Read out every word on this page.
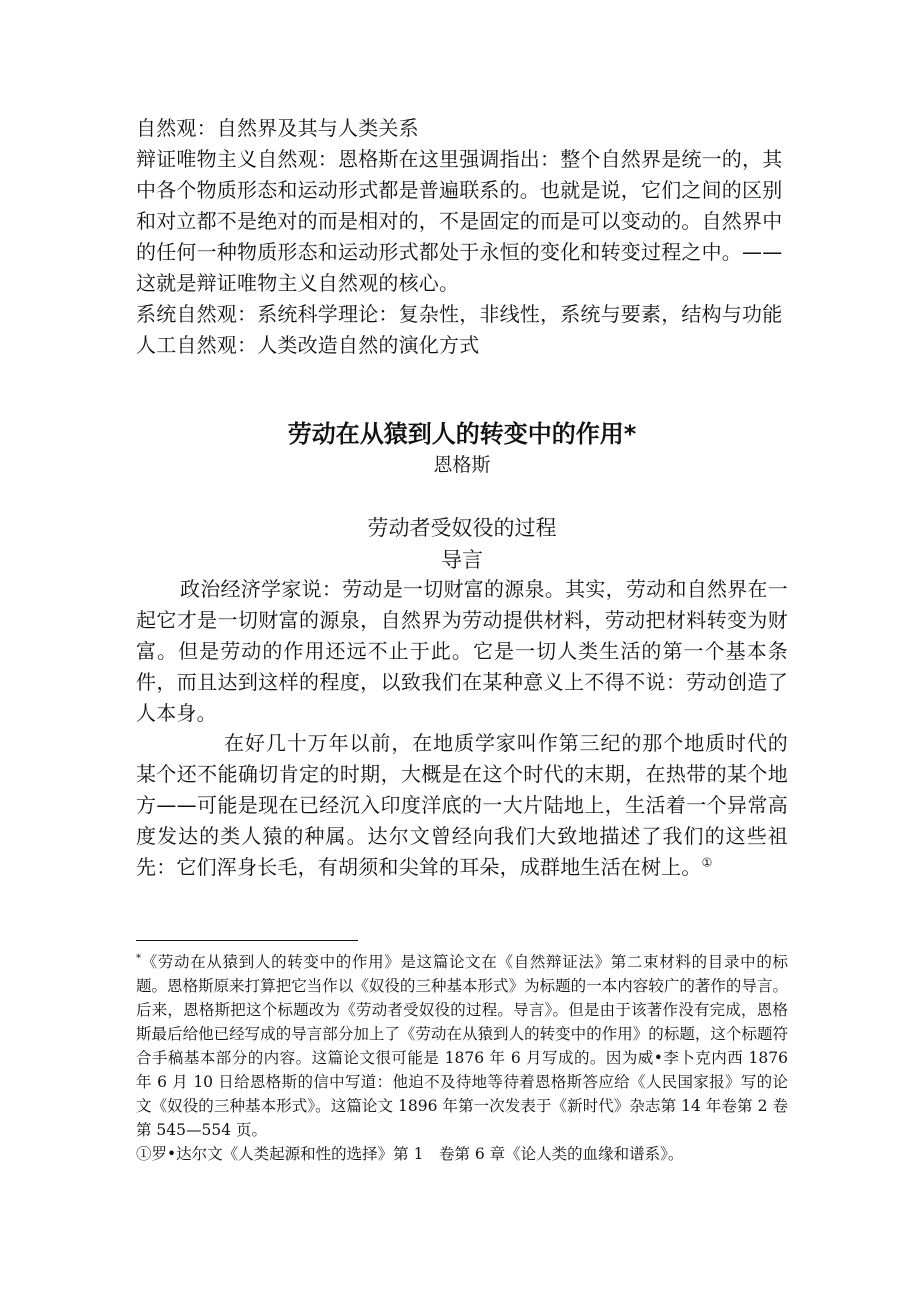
自然观：自然界及其与人类关系

辩证唯物主义自然观：恩格斯在这里强调指出：整个自然界是统一的，其中各个物质形态和运动形式都是普遍联系的。也就是说，它们之间的区别和对立都不是绝对的而是相对的，不是固定的而是可以变动的。自然界中的任何一种物质形态和运动形式都处于永恒的变化和转变过程之中。——这就是辩证唯物主义自然观的核心。

系统自然观：系统科学理论：复杂性，非线性，系统与要素，结构与功能

人工自然观：人类改造自然的演化方式

劳动在从猿到人的转变中的作用*

恩格斯

劳动者受奴役的过程
导言

政治经济学家说：劳动是一切财富的源泉。其实，劳动和自然界在一起它才是一切财富的源泉，自然界为劳动提供材料，劳动把材料转变为财富。但是劳动的作用还远不止于此。它是一切人类生活的第一个基本条件，而且达到这样的程度，以致我们在某种意义上不得不说：劳动创造了人本身。

在好几十万年以前，在地质学家叫作第三纪的那个地质时代的某个还不能确切肯定的时期，大概是在这个时代的末期，在热带的某个地方——可能是现在已经沉入印度洋底的一大片陆地上，生活着一个异常高度发达的类人猿的种属。达尔文曾经向我们大致地描述了我们的这些祖先：它们浑身长毛，有胡须和尖耸的耳朵，成群地生活在树上。①

*《劳动在从猿到人的转变中的作用》是这篇论文在《自然辩证法》第二束材料的目录中的标题。恩格斯原来打算把它当作以《奴役的三种基本形式》为标题的一本内容较广的著作的导言。后来，恩格斯把这个标题改为《劳动者受奴役的过程。导言》。但是由于该著作没有完成，恩格斯最后给他已经写成的导言部分加上了《劳动在从猿到人的转变中的作用》的标题，这个标题符合手稿基本部分的内容。这篇论文很可能是 1876 年 6 月写成的。因为威•李卜克内西 1876 年 6 月 10 日给恩格斯的信中写道：他迫不及待地等待着恩格斯答应给《人民国家报》写的论文《奴役的三种基本形式》。这篇论文 1896 年第一次发表于《新时代》杂志第 14 年卷第 2 卷第 545—554 页。

①罗•达尔文《人类起源和性的选择》第 1　卷第 6 章《论人类的血缘和谱系》。
